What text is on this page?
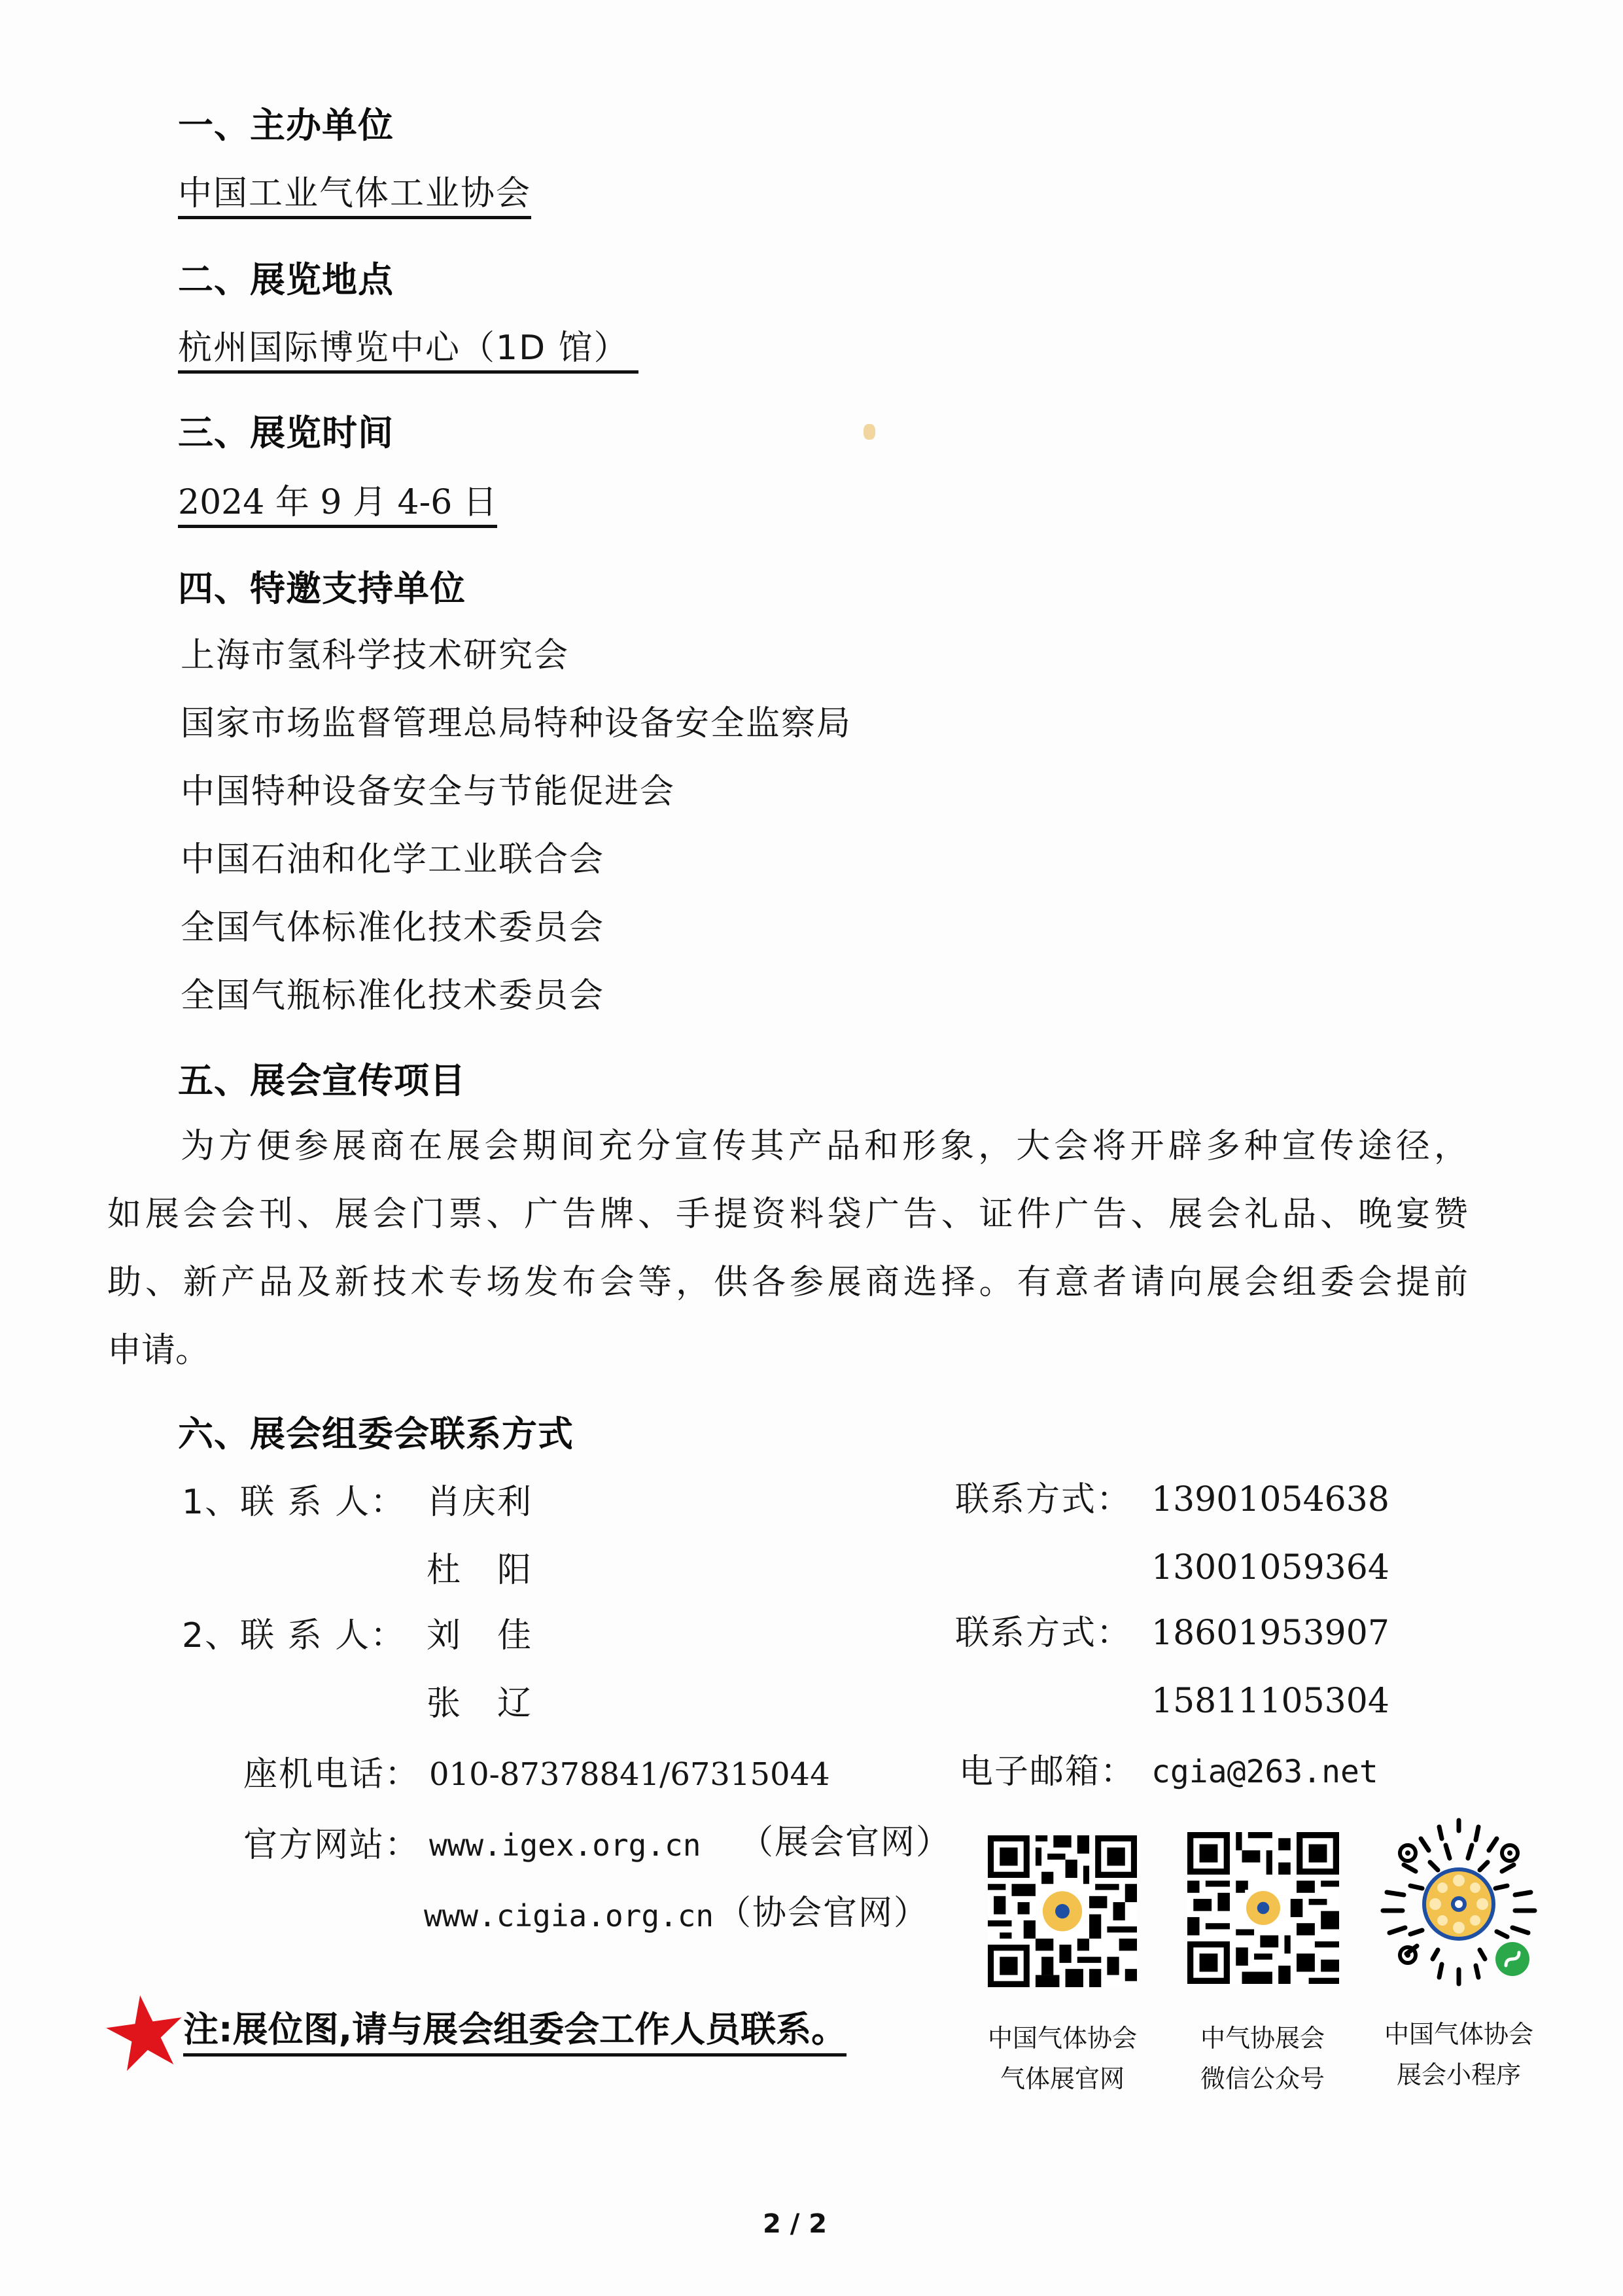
一、主办单位
中国工业气体工业协会
二、展览地点
杭州国际博览中心（1D 馆）
三、展览时间
2024 年 9 月 4-6 日
四、特邀支持单位
上海市氢科学技术研究会
国家市场监督管理总局特种设备安全监察局
中国特种设备安全与节能促进会
中国石油和化学工业联合会
全国气体标准化技术委员会
全国气瓶标准化技术委员会
五、展会宣传项目
为方便参展商在展会期间充分宣传其产品和形象，大会将开辟多种宣传途径，
如展会会刊、展会门票、广告牌、手提资料袋广告、证件广告、展会礼品、晚宴赞
助、新产品及新技术专场发布会等，供各参展商选择。有意者请向展会组委会提前
申请。
六、展会组委会联系方式
1、联 系 人： 肖庆利
杜　阳
联系方式： 13901054638
13001059364
2、联 系 人： 刘　佳
张　辽
联系方式： 18601953907
15811105304
座机电话： 010-87378841/67315044	电子邮箱： cgia@263.net
官方网站： www.igex.org.cn （展会官网）
www.cigia.org.cn （协会官网）
中国气体协会
气体展官网
中气协展会
微信公众号
中国气体协会
展会小程序
注:展位图,请与展会组委会工作人员联系。
2 / 2
